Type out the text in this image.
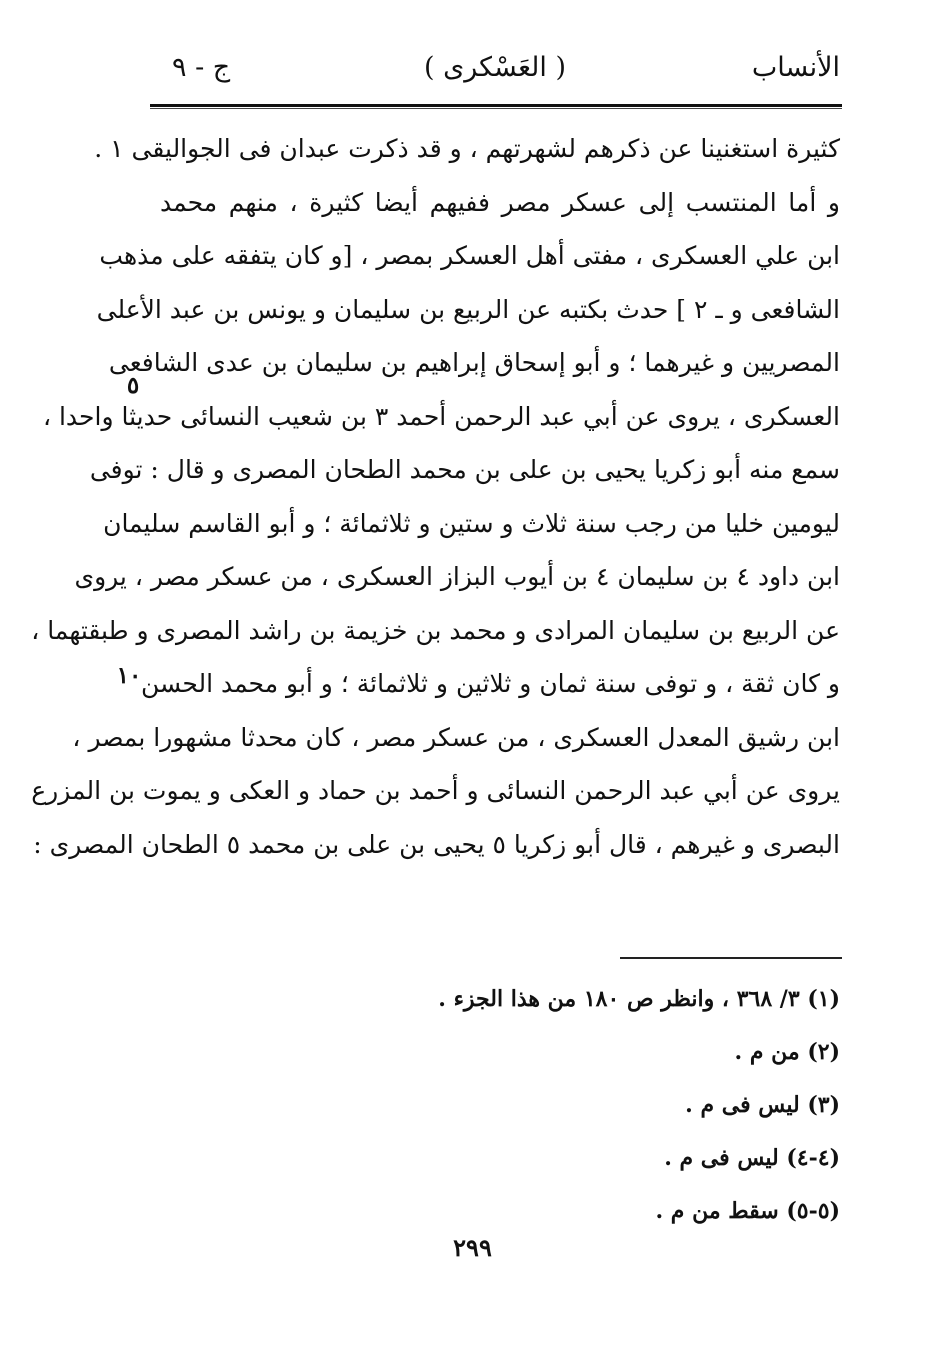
الأنساب
( العَسْكرى )
ج - ٩
كثيرة استغنينا عن ذكرهم لشهرتهم ، و قد ذكرت عبدان فى الجواليقى ١ .
و أما المنتسب إلى عسكر مصر ففيهم أيضا كثيرة ، منهم محمد
ابن علي العسكرى ، مفتى أهل العسكر بمصر ، [و كان يتفقه على مذهب
الشافعى و ـ ٢ ] حدث بكتبه عن الربيع بن سليمان و يونس بن عبد الأعلى
المصريين و غيرهما ؛ و أبو إسحاق إبراهيم بن سليمان بن عدى الشافعى
العسكرى ، يروى عن أبي عبد الرحمن أحمد ٣ بن شعيب النسائى حديثا واحدا ،
سمع منه أبو زكريا يحيى بن على بن محمد الطحان المصرى و قال : توفى
ليومين خليا من رجب سنة ثلاث و ستين و ثلاثمائة ؛ و أبو القاسم سليمان
ابن داود ٤ بن سليمان ٤ بن أيوب البزاز العسكرى ، من عسكر مصر ، يروى
عن الربيع بن سليمان المرادى و محمد بن خزيمة بن راشد المصرى و طبقتهما ،
و كان ثقة ، و توفى سنة ثمان و ثلاثين و ثلاثمائة ؛ و أبو محمد الحسن
ابن رشيق المعدل العسكرى ، من عسكر مصر ، كان محدثا مشهورا بمصر ،
يروى عن أبي عبد الرحمن النسائى و أحمد بن حماد و العكى و يموت بن المزرع
البصرى و غيرهم ، قال أبو زكريا ٥ يحيى بن على بن محمد ٥ الطحان المصرى :
٥
١٠
(١) ٣/ ٣٦٨ ، وانظر ص ١٨٠ من هذا الجزء .
(٢) من م .
(٣) ليس فى م .
(٤-٤) ليس فى م .
(٥-٥) سقط من م .
٢٩٩
